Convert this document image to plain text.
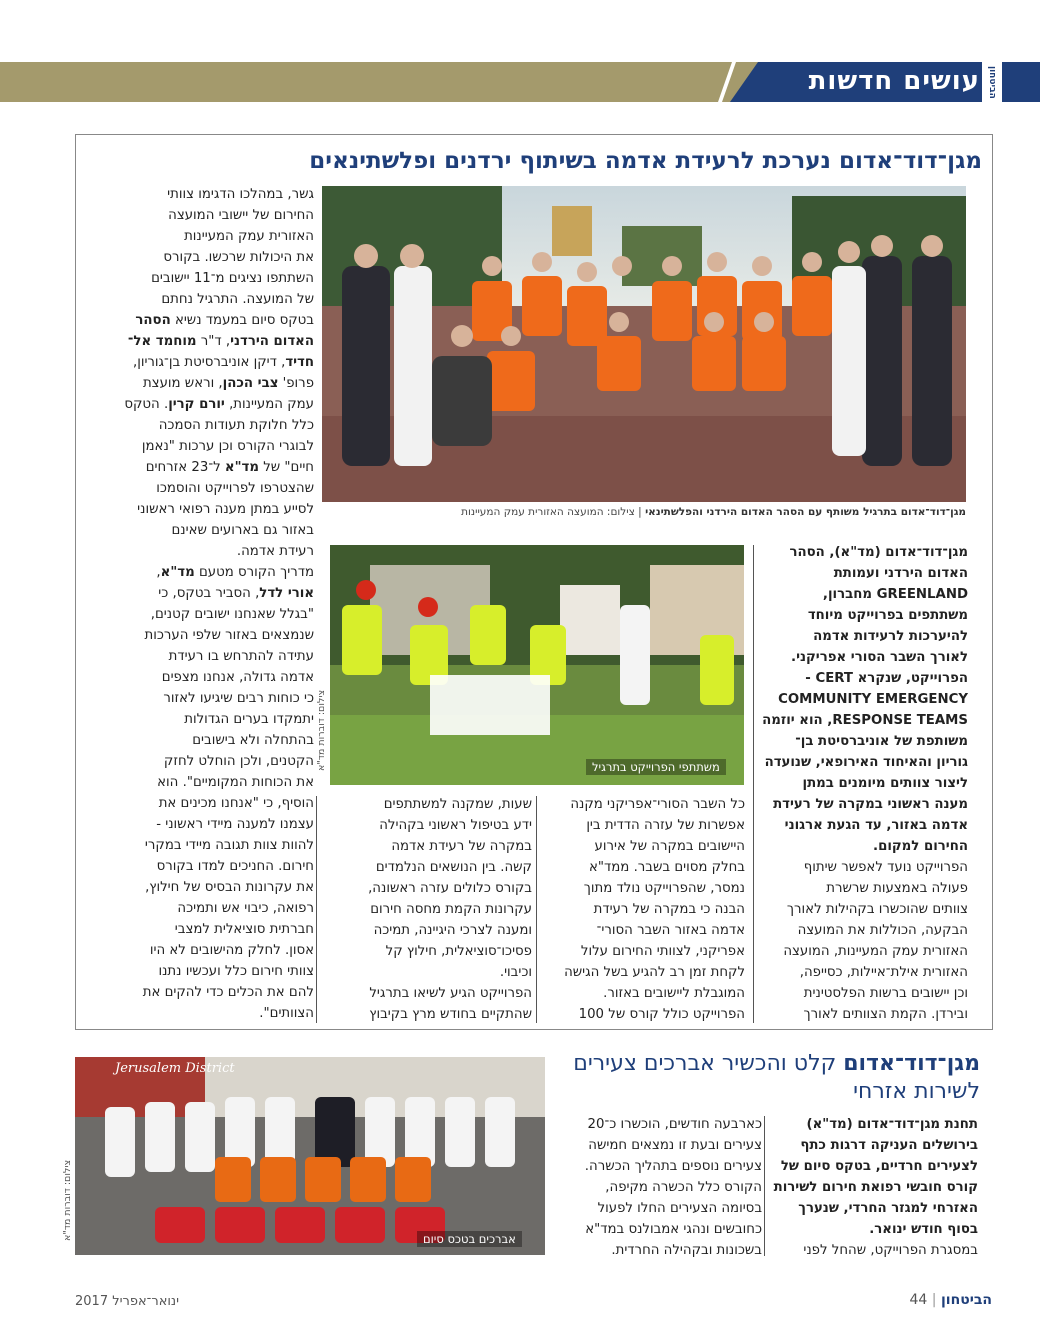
עושים חדשות הביטחון
מגן־דוד־אדום נערכת לרעידת אדמה בשיתוף ירדנים ופלשתינאים
מגן־דוד־אדום בתרגיל משותף עם הסהר האדום הירדני והפלשתינאי | צילום: המועצה האזורית עמק המעיינות
משתתפי הפרוייקט בתרגיל
צילום: דוברות מד"א
מגן־דוד־אדום (מד"א), הסהר
האדום הירדני ועמותת
GREENLAND מחברון,
משתתפים בפרוייקט מיוחד
להיערכות לרעידות אדמה
לאורך השבר הסורי אפריקני.
הפרוייקט, שנקרא CERT -
COMMUNITY EMERGENCY
RESPONSE TEAMS, הוא יוזמה
משותפת של אוניברסיטת בן־
גוריון והאיחוד האירופאי, שנועדה
ליצור צוותים מיומנים במתן
מענה ראשוני במקרה של רעידת
אדמה באזור, עד הגעת ארגוני
החירום למקום.
הפרוייקט נועד לאפשר שיתוף
פעולה באמצעות שרשרת
צוותים שהוכשרו בקהילות לאורך
הבקעה, הכוללות את המועצה
האזורית עמק המעיינות, המועצה
האזורית אילת־איילות, כסייפה,
וכן יישובים ברשות הפלסטינית
ובירדן. הקמת הצוותים לאורך
כל השבר הסורי־אפריקני מקנה
אפשרות של עזרה הדדית בין
היישובים במקרה של אירוע
בחלק מסוים בשבר. ממד"א
נמסר, שהפרוייקט נולד מתוך
הבנה כי במקרה של רעידת
אדמה באזור השבר הסורי־
אפריקני, לצוותי החירום עלול
לקחת זמן רב להגיע בשל הגישה
המוגבלת ליישובים באזור.
הפרוייקט כולל קורס של 100
שעות, שמקנה למשתתפים
ידע בטיפול ראשוני בקהילה
במקרה של רעידת אדמה
קשה. בין הנושאים הנלמדים
בקורס כלולים עזרה ראשונה,
עקרונות הקמת מחסה חירום
ומענה לצרכי היגיינה, תמיכה
פסיכו־סוציאלית, חילוץ קל
וכיבוי.
הפרוייקט הגיע לשיאו בתרגיל
שהתקיים בחודש מרץ בקיבוץ
גשר, במהלכו הדגימו צוותי
החירום של יישובי המועצה
האזורית עמק המעיינות
את היכולות שרכשו. בקורס
השתתפו נציגים מ־11 יישובים
של המועצה. התרגיל נחתם
בטקס סיום במעמד נשיא הסהר
האדום הירדני, ד"ר מוחמד אל־
חדיד, דיקן אוניברסיטת בן־גוריון,
פרופ' צבי הכהן, וראש מועצת
עמק המעיינות, יורם קרין. הטקס
כלל חלוקת תעודות הסמכה
לבוגרי הקורס וכן ערכות "נאמן
חיים" של מד"א ל־23 אזרחים
שהצטרפו לפרוייקט והוסמכו
לסייע במתן מענה רפואי ראשוני
באזור גם בארועים שאינם
רעידת אדמה.
מדריך הקורס מטעם מד"א,
אורי לדל, הסביר בטקס, כי
"בגלל שאנחנו ישובים קטנים,
שנמצאים באזור שלפי הערכות
עתידה להתרחש בו רעידת
אדמה גדולה, אנחנו מצפים
כי כוחות רבים שיגיעו לאזור
יתמקדו בערים הגדולות
בהתחלה ולא בישובים
הקטנים, ולכן הוחלט לחזק
את הכוחות המקומיים". הוא
הוסיף, כי "אנחנו מכינים את
עצמנו למענה מיידי ראשוני -
להוות צוות תגובה מיידי במקרי
חירום. החניכים למדו בקורס
את עקרונות הבסיס של חילוץ,
רפואה, כיבוי אש ותמיכה
חברתית סוציאלית למצבי
אסון. לחלק מהישובים לא היו
צוותי חירום כלל ועכשיו נתנו
להם את הכלים כדי להקים את
הצוותים".
מגן־דוד־אדום קלט והכשיר אברכים צעירים
לשירות אזרחי
תחנת מגן־דוד־אדום (מד"א)
בירושלים העניקה דרגות כתף
לצעירים חרדיים, בטקס סיום של
קורס חובשי רפואת חירום לשירות
האזרחי למגזר החרדי, שנערך
בסוף חודש ינואר.
במסגרת הפרוייקט, שהחל לפני
כארבעה חודשים, הוכשרו כ־20
צעירים ובעת זו נמצאים חמישה
צעירים נוספים בתהליך הכשרה.
הקורס כלל הכשרה מקיפה,
בסיומה הצעירים החלו לפעול
כחובשים ונהגי אמבולנס במד"א
בשכונות ובקהילה החרדית.
Jerusalem District
אברכים בטכס סיום
צילום: דוברות מד"א
ינואר־אפריל 2017	הביטחון | 44
